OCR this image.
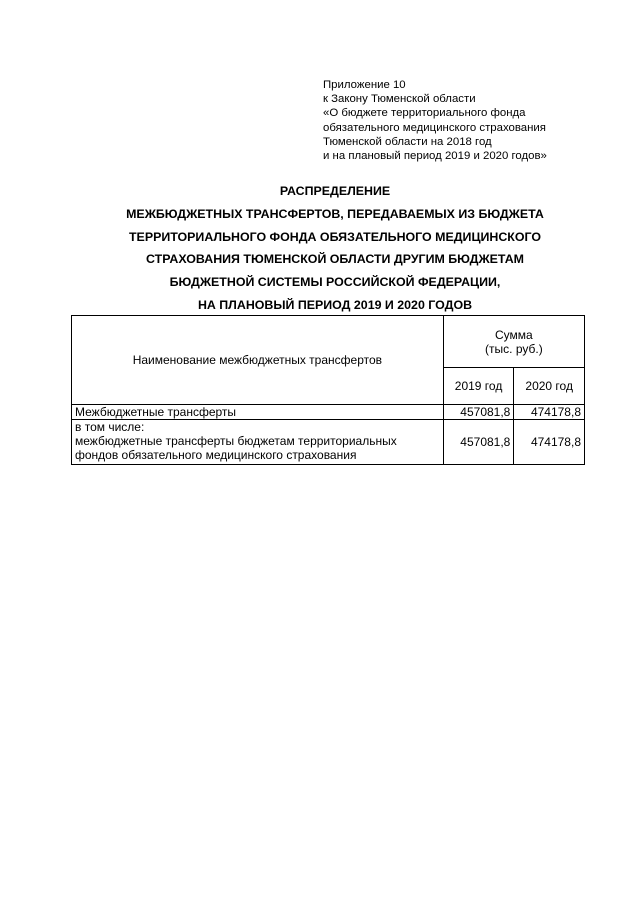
Приложение 10
к Закону Тюменской области
«О бюджете территориального фонда
обязательного медицинского страхования
Тюменской области на 2018 год
и на плановый период 2019 и 2020 годов»
РАСПРЕДЕЛЕНИЕ
МЕЖБЮДЖЕТНЫХ ТРАНСФЕРТОВ, ПЕРЕДАВАЕМЫХ ИЗ БЮДЖЕТА
ТЕРРИТОРИАЛЬНОГО ФОНДА ОБЯЗАТЕЛЬНОГО МЕДИЦИНСКОГО
СТРАХОВАНИЯ ТЮМЕНСКОЙ ОБЛАСТИ ДРУГИМ БЮДЖЕТАМ
БЮДЖЕТНОЙ СИСТЕМЫ РОССИЙСКОЙ ФЕДЕРАЦИИ,
НА ПЛАНОВЫЙ ПЕРИОД 2019 И 2020 ГОДОВ
Наименование межбюджетных трансфертов	Сумма
(тыс. руб.)	

	2019 год	2020 год
Межбюджетные трансферты	457081,8	474178,8

в том числе:
межбюджетные трансферты бюджетам территориальных фондов обязательного медицинского страхования	457081,8	474178,8
